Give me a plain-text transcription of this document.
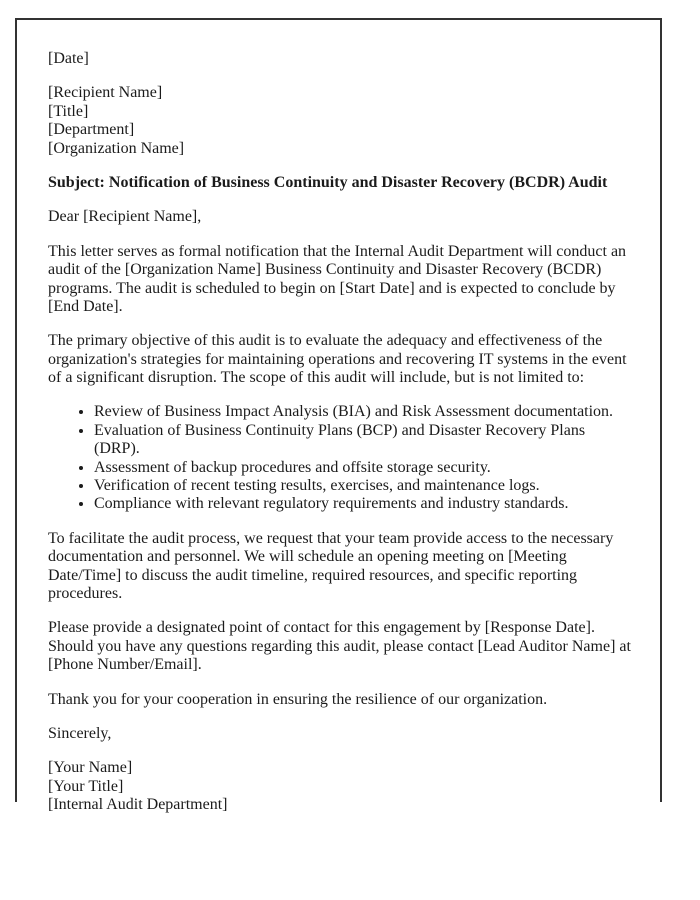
[Date]

[Recipient Name]
[Title]
[Department]
[Organization Name]

Subject: Notification of Business Continuity and Disaster Recovery (BCDR) Audit

Dear [Recipient Name],

This letter serves as formal notification that the Internal Audit Department will conduct an audit of the [Organization Name] Business Continuity and Disaster Recovery (BCDR) programs. The audit is scheduled to begin on [Start Date] and is expected to conclude by [End Date].

The primary objective of this audit is to evaluate the adequacy and effectiveness of the organization's strategies for maintaining operations and recovering IT systems in the event of a significant disruption. The scope of this audit will include, but is not limited to:

• Review of Business Impact Analysis (BIA) and Risk Assessment documentation.
• Evaluation of Business Continuity Plans (BCP) and Disaster Recovery Plans (DRP).
• Assessment of backup procedures and offsite storage security.
• Verification of recent testing results, exercises, and maintenance logs.
• Compliance with relevant regulatory requirements and industry standards.

To facilitate the audit process, we request that your team provide access to the necessary documentation and personnel. We will schedule an opening meeting on [Meeting Date/Time] to discuss the audit timeline, required resources, and specific reporting procedures.

Please provide a designated point of contact for this engagement by [Response Date]. Should you have any questions regarding this audit, please contact [Lead Auditor Name] at [Phone Number/Email].

Thank you for your cooperation in ensuring the resilience of our organization.

Sincerely,

[Your Name]
[Your Title]
[Internal Audit Department]
